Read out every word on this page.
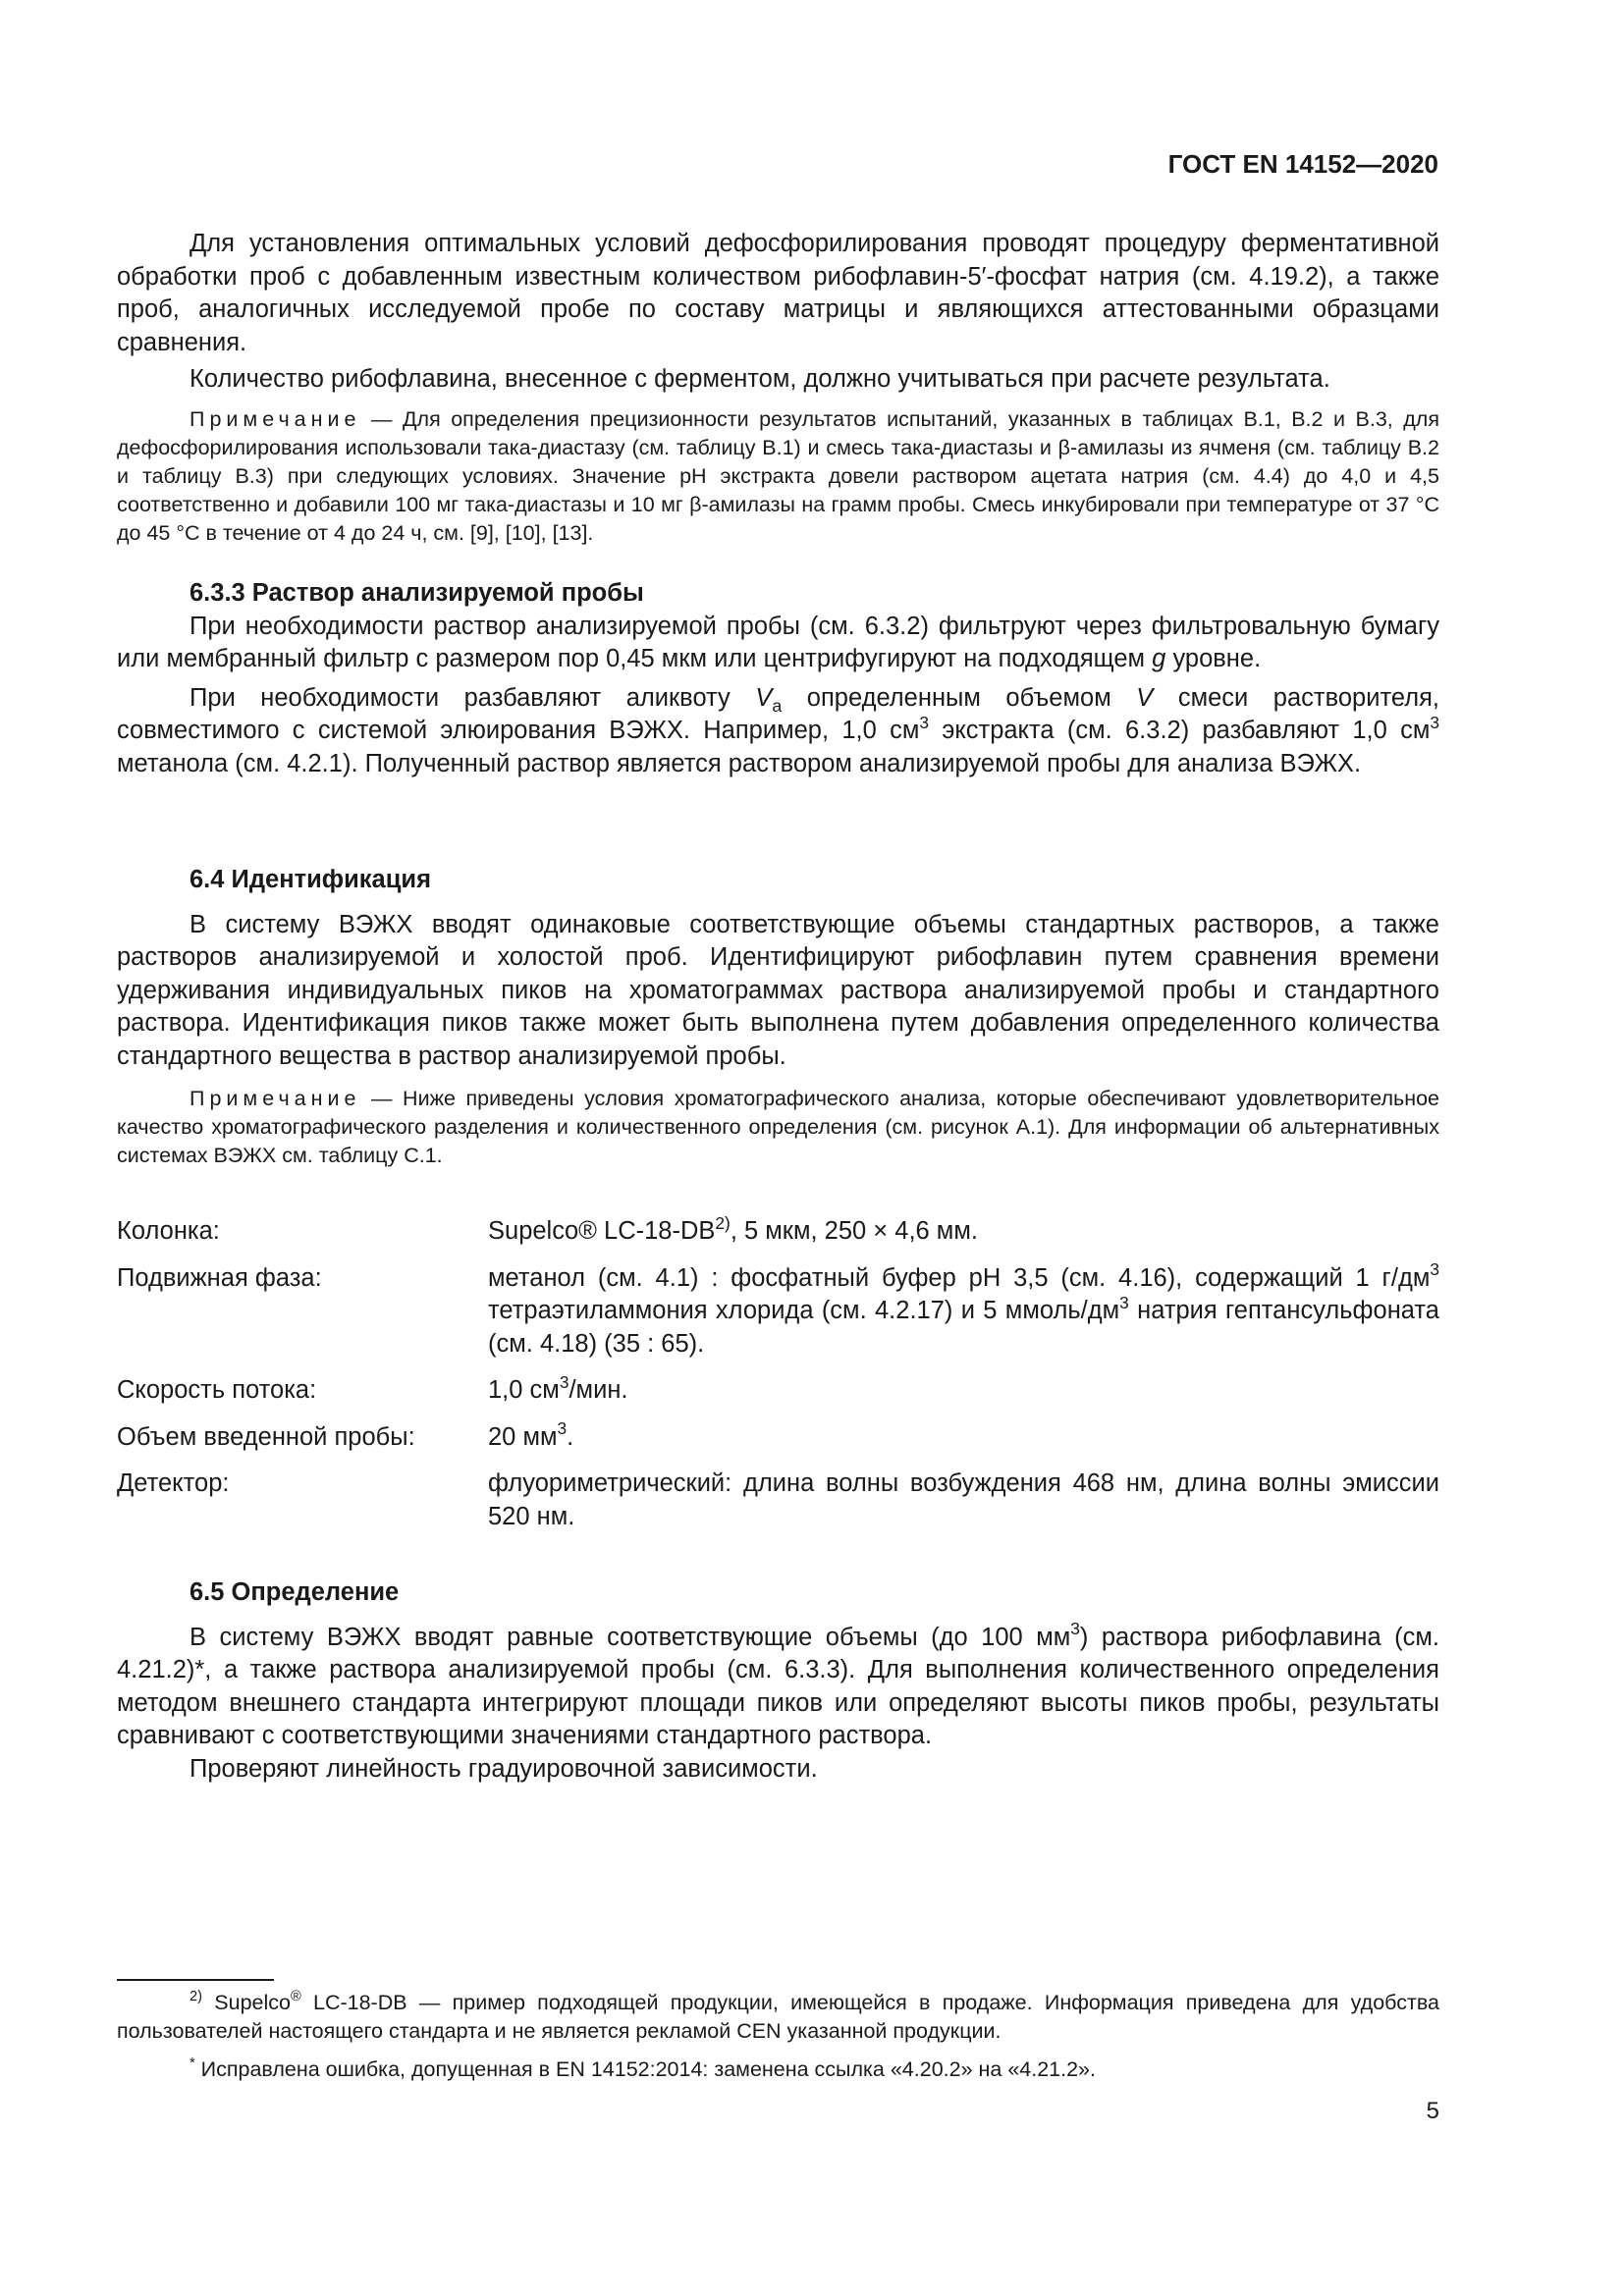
ГОСТ EN 14152—2020

Для установления оптимальных условий дефосфорилирования проводят процедуру ферментативной обработки проб с добавленным известным количеством рибофлавин-5′-фосфат натрия (см. 4.19.2), а также проб, аналогичных исследуемой пробе по составу матрицы и являющихся аттестованными образцами сравнения.

Количество рибофлавина, внесенное с ферментом, должно учитываться при расчете результата.

Примечание — Для определения прецизионности результатов испытаний, указанных в таблицах В.1, В.2 и В.3, для дефосфорилирования использовали така-диастазу (см. таблицу В.1) и смесь така-диастазы и β-амилазы из ячменя (см. таблицу В.2 и таблицу В.3) при следующих условиях. Значение pH экстракта довели раствором ацетата натрия (см. 4.4) до 4,0 и 4,5 соответственно и добавили 100 мг така-диастазы и 10 мг β-амилазы на грамм пробы. Смесь инкубировали при температуре от 37 °С до 45 °С в течение от 4 до 24 ч, см. [9], [10], [13].

6.3.3 Раствор анализируемой пробы

При необходимости раствор анализируемой пробы (см. 6.3.2) фильтруют через фильтровальную бумагу или мембранный фильтр с размером пор 0,45 мкм или центрифугируют на подходящем g уровне.

При необходимости разбавляют аликвоту $V_а$ определенным объемом V смеси растворителя, совместимого с системой элюирования ВЭЖХ. Например, 1,0 $см^3$ экстракта (см. 6.3.2) разбавляют 1,0 $см^3$ метанола (см. 4.2.1). Полученный раствор является раствором анализируемой пробы для анализа ВЭЖХ.

6.4 Идентификация

В систему ВЭЖХ вводят одинаковые соответствующие объемы стандартных растворов, а также растворов анализируемой и холостой проб. Идентифицируют рибофлавин путем сравнения времени удерживания индивидуальных пиков на хроматограммах раствора анализируемой пробы и стандартного раствора. Идентификация пиков также может быть выполнена путем добавления определенного количества стандартного вещества в раствор анализируемой пробы.

Примечание — Ниже приведены условия хроматографического анализа, которые обеспечивают удовлетворительное качество хроматографического разделения и количественного определения (см. рисунок А.1). Для информации об альтернативных системах ВЭЖХ см. таблицу С.1.

Колонка:	Supelco® LC-18-DB$^{2)}$, 5 мкм, 250 × 4,6 мм.
Подвижная фаза:	метанол (см. 4.1) : фосфатный буфер pH 3,5 (см. 4.16), содержащий 1 $г/дм^3$ тетраэтиламмония хлорида (см. 4.2.17) и 5 ммоль/$дм^3$ натрия гептансульфоната (см. 4.18) (35 : 65).
Скорость потока:	1,0 $см^3$/мин.
Объем введенной пробы:	20 $мм^3$.
Детектор:	флуориметрический: длина волны возбуждения 468 нм, длина волны эмиссии 520 нм.

6.5 Определение

В систему ВЭЖХ вводят равные соответствующие объемы (до 100 $мм^3$) раствора рибофлавина (см. 4.21.2)*, а также раствора анализируемой пробы (см. 6.3.3). Для выполнения количественного определения методом внешнего стандарта интегрируют площади пиков или определяют высоты пиков пробы, результаты сравнивают с соответствующими значениями стандартного раствора.

Проверяют линейность градуировочной зависимости.

$^{2)}$ Supelco® LC-18-DB — пример подходящей продукции, имеющейся в продаже. Информация приведена для удобства пользователей настоящего стандарта и не является рекламой CEN указанной продукции.

* Исправлена ошибка, допущенная в EN 14152:2014: заменена ссылка «4.20.2» на «4.21.2».

5
